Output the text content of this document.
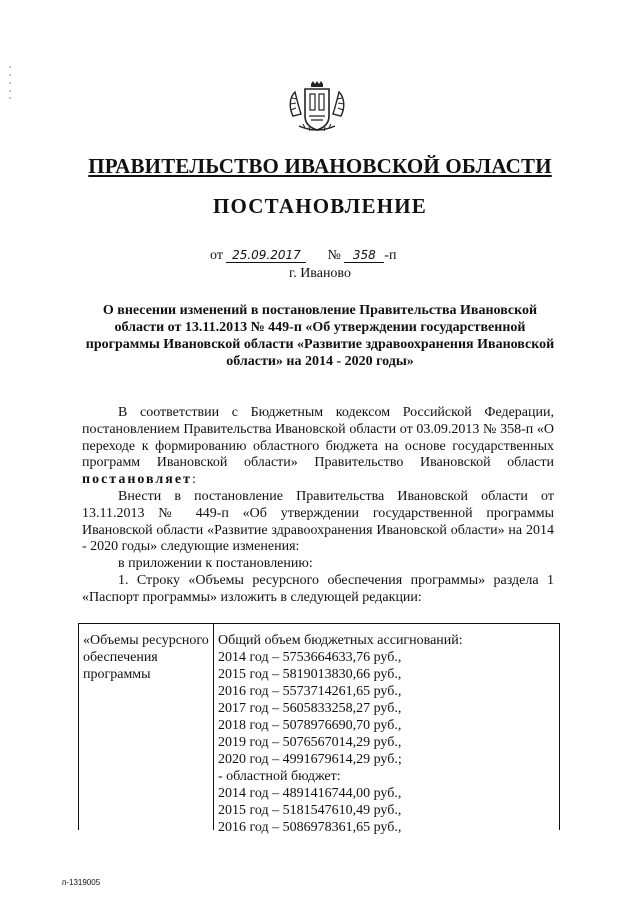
ПРАВИТЕЛЬСТВО ИВАНОВСКОЙ ОБЛАСТИ
ПОСТАНОВЛЕНИЕ
от 25.09.2017 № 358 -п
г. Иваново
О внесении изменений в постановление Правительства Ивановской области от 13.11.2013 № 449-п «Об утверждении государственной программы Ивановской области «Развитие здравоохранения Ивановской области» на 2014 - 2020 годы»

В соответствии с Бюджетным кодексом Российской Федерации, постановлением Правительства Ивановской области от 03.09.2013 № 358-п «О переходе к формированию областного бюджета на основе государственных программ Ивановской области» Правительство Ивановской области постановляет:

Внести в постановление Правительства Ивановской области от 13.11.2013 № 449-п «Об утверждении государственной программы Ивановской области «Развитие здравоохранения Ивановской области» на 2014 - 2020 годы» следующие изменения:

в приложении к постановлению:

1. Строку «Объемы ресурсного обеспечения программы» раздела 1 «Паспорт программы» изложить в следующей редакции:

«Объемы ресурсного обеспечения программы
Общий объем бюджетных ассигнований:
2014 год – 5753664633,76 руб.,
2015 год – 5819013830,66 руб.,
2016 год – 5573714261,65 руб.,
2017 год – 5605833258,27 руб.,
2018 год – 5078976690,70 руб.,
2019 год – 5076567014,29 руб.,
2020 год – 4991679614,29 руб.;
- областной бюджет:
2014 год – 4891416744,00 руб.,
2015 год – 5181547610,49 руб.,
2016 год – 5086978361,65 руб.,
п-1319005
